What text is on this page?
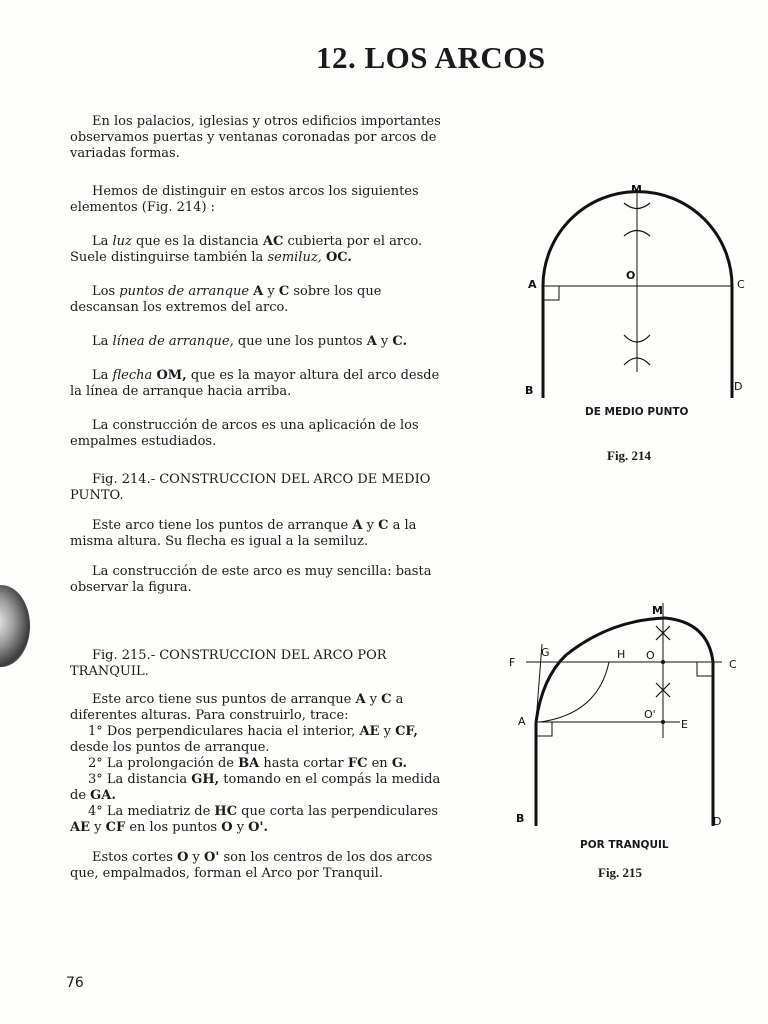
12. LOS ARCOS

En los palacios, iglesias y otros edificios importantes observamos puertas y ventanas coronadas por arcos de variadas formas.

Hemos de distinguir en estos arcos los siguientes elementos (Fig. 214) :

La luz que es la distancia AC cubierta por el arco. Suele distinguirse también la semiluz, OC.

Los puntos de arranque A y C sobre los que descansan los extremos del arco.

La línea de arranque, que une los puntos A y C.

La flecha OM, que es la mayor altura del arco desde la línea de arranque hacia arriba.

La construcción de arcos es una aplicación de los empalmes estudiados.

Fig. 214.- CONSTRUCCION DEL ARCO DE MEDIO PUNTO.

Este arco tiene los puntos de arranque A y C a la misma altura. Su flecha es igual a la semiluz.

La construcción de este arco es muy sencilla: basta observar la figura.

Fig. 215.- CONSTRUCCION DEL ARCO POR TRANQUIL.

Este arco tiene sus puntos de arranque A y C a diferentes alturas. Para construirlo, trace:

1° Dos perpendiculares hacia el interior, AE y CF, desde los puntos de arranque.

2° La prolongación de BA hasta cortar FC en G.

3° La distancia GH, tomando en el compás la medida de GA.

4° La mediatriz de HC que corta las perpendiculares AE y CF en los puntos O y O'.

Estos cortes O y O' son los centros de los dos arcos que, empalmados, forman el Arco por Tranquil.

M
O
A	C
B	D
DE MEDIO PUNTO
Fig. 214
M
F
G	H O
C
A
O'
E
B	D
POR TRANQUIL
Fig. 215
76
